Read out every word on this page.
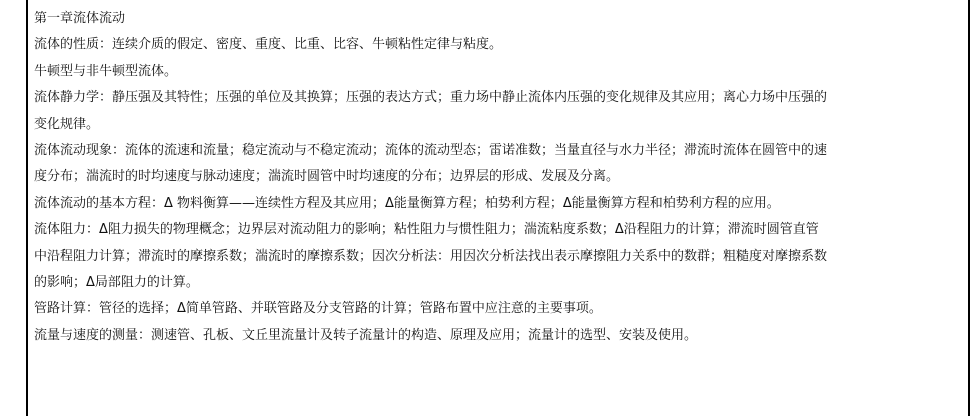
第一章流体流动
流体的性质：连续介质的假定、密度、重度、比重、比容、牛顿粘性定律与粘度。
牛顿型与非牛顿型流体。
流体静力学：静压强及其特性；压强的单位及其换算；压强的表达方式；重力场中静止流体内压强的变化规律及其应用；离心力场中压强的
变化规律。
流体流动现象：流体的流速和流量；稳定流动与不稳定流动；流体的流动型态；雷诺准数；当量直径与水力半径；滞流时流体在圆管中的速
度分布；湍流时的时均速度与脉动速度；湍流时圆管中时均速度的分布；边界层的形成、发展及分离。
流体流动的基本方程：Δ 物料衡算——连续性方程及其应用；Δ能量衡算方程；柏势利方程；Δ能量衡算方程和柏势利方程的应用。
流体阻力：Δ阻力损失的物理概念；边界层对流动阻力的影响；粘性阻力与惯性阻力；湍流粘度系数；Δ沿程阻力的计算；滞流时圆管直管
中沿程阻力计算；滞流时的摩擦系数；湍流时的摩擦系数；因次分析法：用因次分析法找出表示摩擦阻力关系中的数群；粗糙度对摩擦系数
的影响；Δ局部阻力的计算。
管路计算：管径的选择；Δ简单管路、并联管路及分支管路的计算；管路布置中应注意的主要事项。
流量与速度的测量：测速管、孔板、文丘里流量计及转子流量计的构造、原理及应用；流量计的选型、安装及使用。
